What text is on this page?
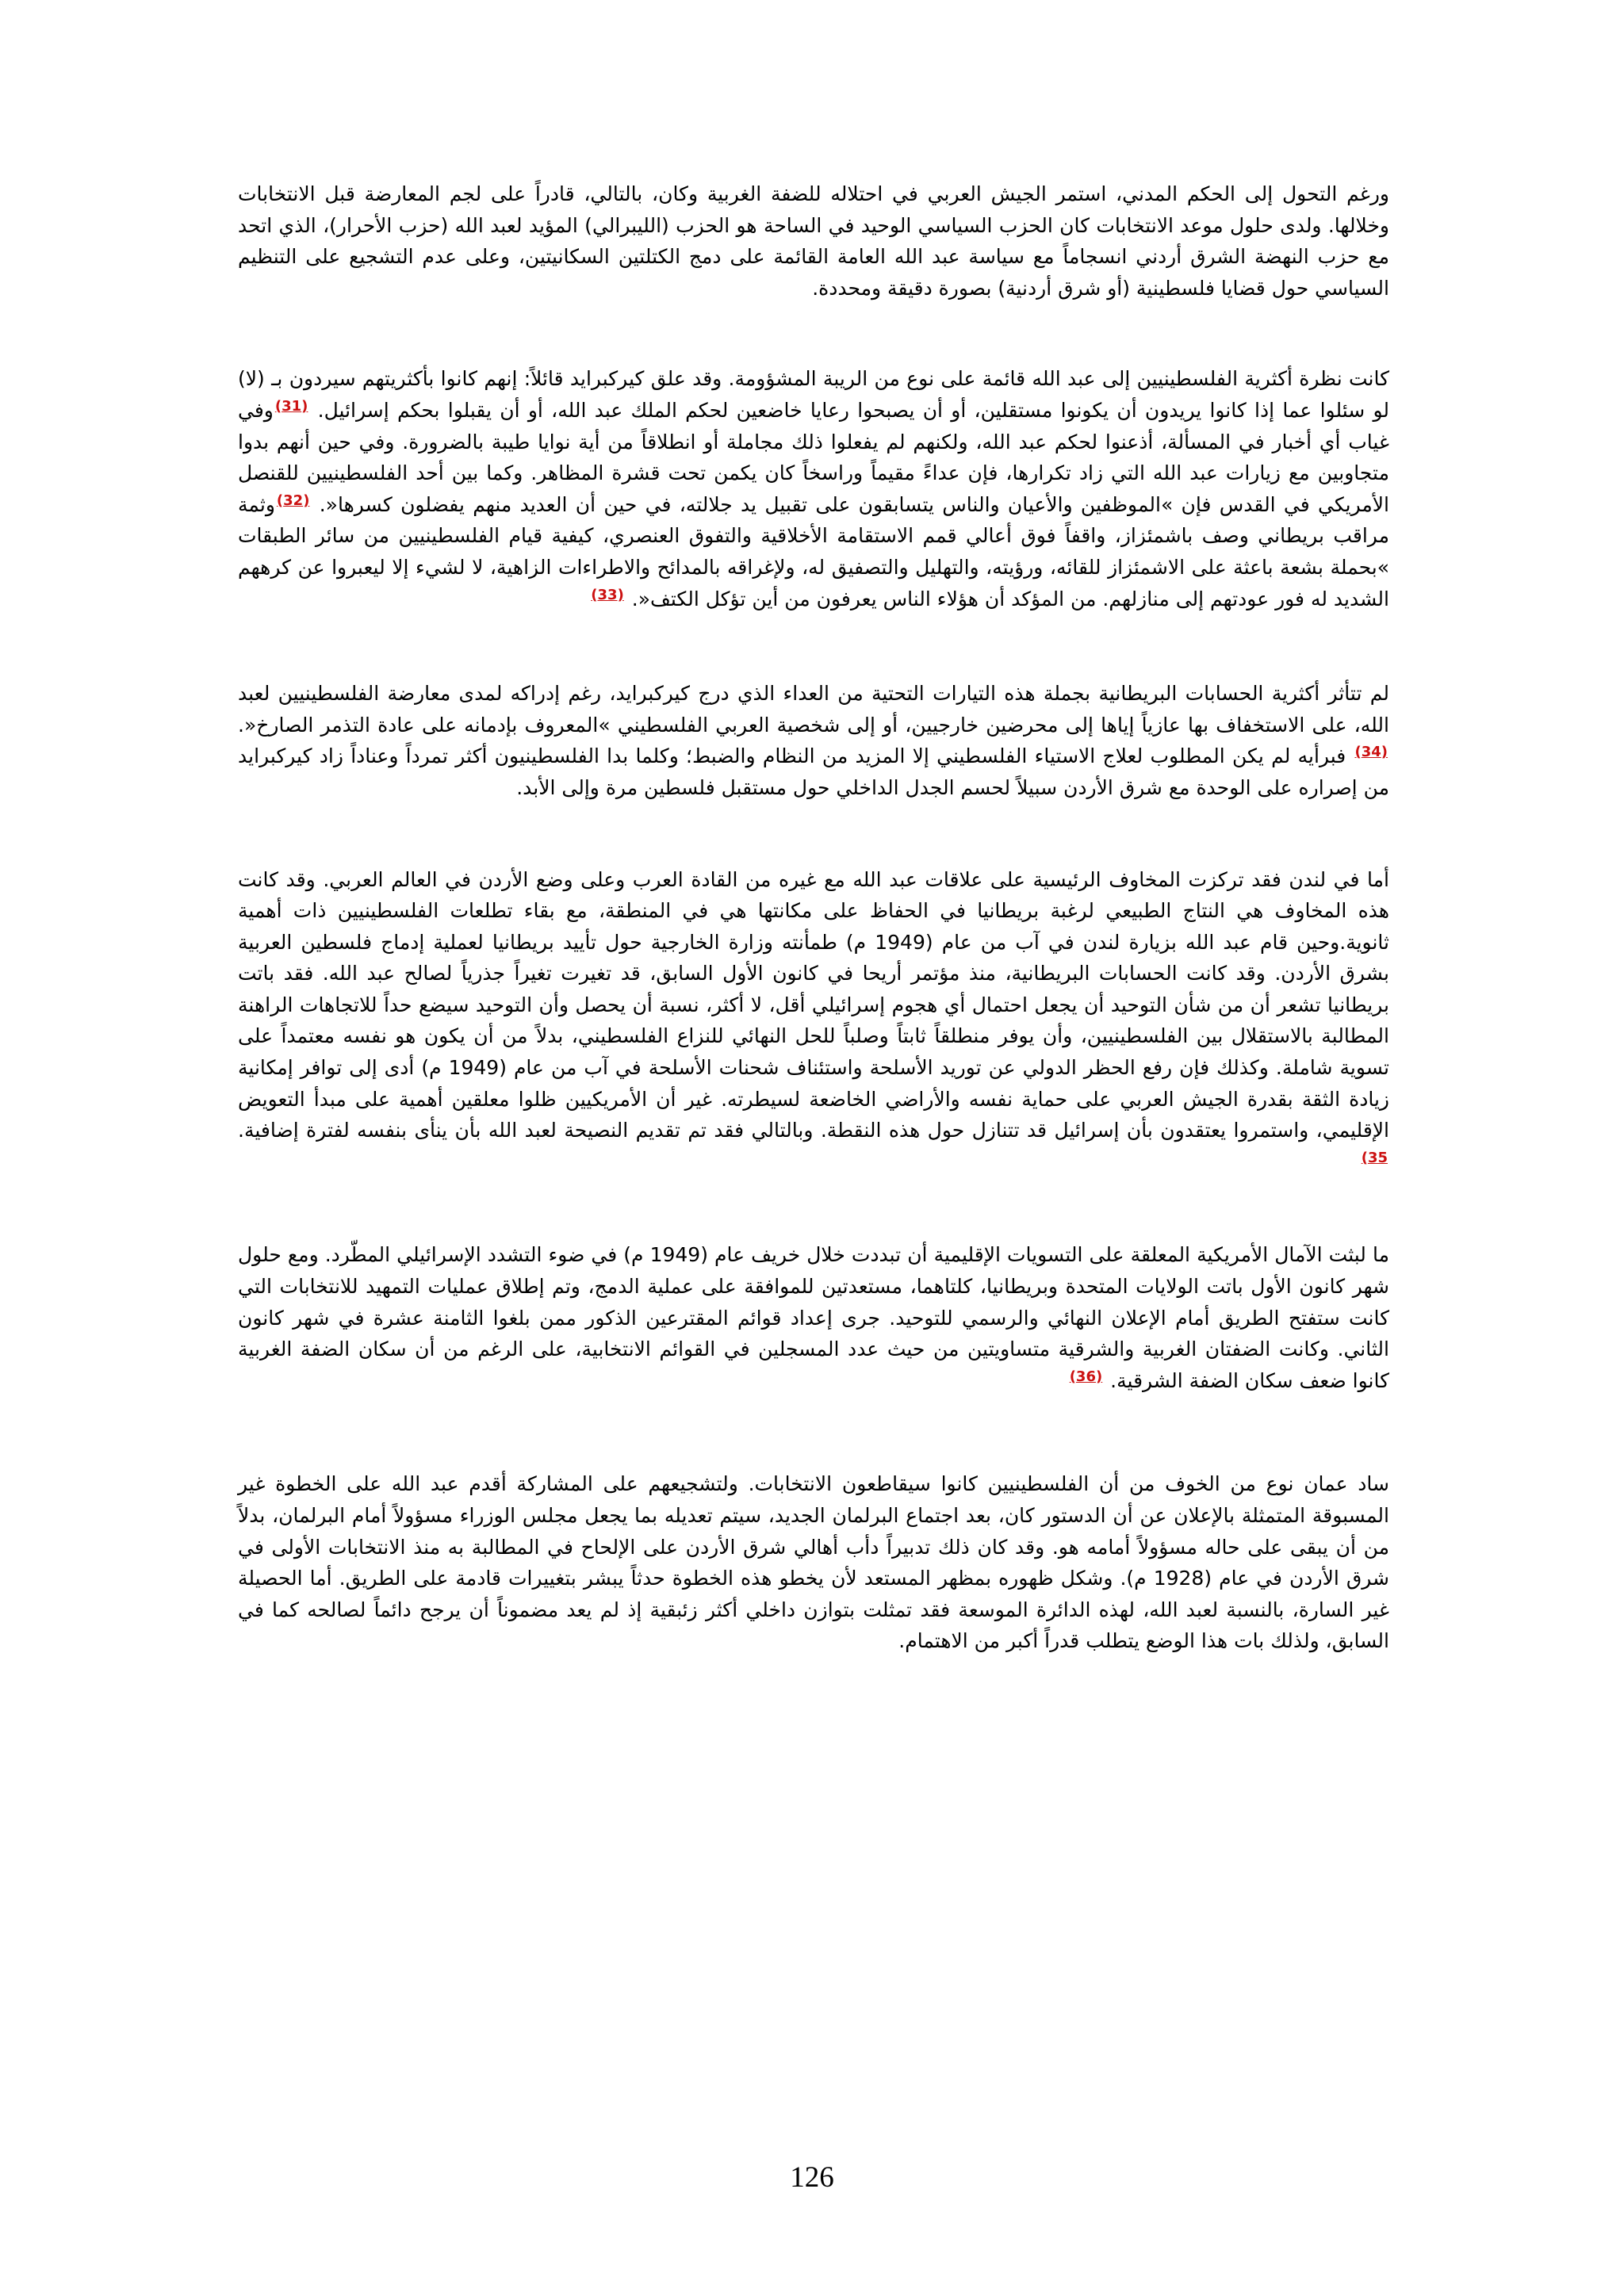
ورغم التحول إلى الحكم المدني، استمر الجيش العربي في احتلاله للضفة الغربية وكان، بالتالي، قادراً على لجم المعارضة قبل الانتخابات وخلالها. ولدى حلول موعد الانتخابات كان الحزب السياسي الوحيد في الساحة هو الحزب (الليبرالي) المؤيد لعبد الله (حزب الأحرار)، الذي اتحد مع حزب النهضة الشرق أردني انسجاماً مع سياسة عبد الله العامة القائمة على دمج الكتلتين السكانيتين، وعلى عدم التشجيع على التنظيم السياسي حول قضايا فلسطينية (أو شرق أردنية) بصورة دقيقة ومحددة.

كانت نظرة أكثرية الفلسطينيين إلى عبد الله قائمة على نوع من الريبة المشؤومة. وقد علق كيركبرايد قائلاً: إنهم كانوا بأكثريتهم سيردون بـ (لا) لو سئلوا عما إذا كانوا يريدون أن يكونوا مستقلين، أو أن يصبحوا رعايا خاضعين لحكم الملك عبد الله، أو أن يقبلوا بحكم إسرائيل. $^{(31)}$وفي غياب أي أخبار في المسألة، أذعنوا لحكم عبد الله، ولكنهم لم يفعلوا ذلك مجاملة أو انطلاقاً من أية نوايا طيبة بالضرورة. وفي حين أنهم بدوا متجاوبين مع زيارات عبد الله التي زاد تكرارها، فإن عداءً مقيماً وراسخاً كان يكمن تحت قشرة المظاهر. وكما بين أحد الفلسطينيين للقنصل الأمريكي في القدس فإن »الموظفين والأعيان والناس يتسابقون على تقبيل يد جلالته، في حين أن العديد منهم يفضلون كسرها«. $^{(32)}$وثمة مراقب بريطاني وصف باشمئزاز، واقفاً فوق أعالي قمم الاستقامة الأخلاقية والتفوق العنصري، كيفية قيام الفلسطينيين من سائر الطبقات »بحملة بشعة باعثة على الاشمئزاز للقائه، ورؤيته، والتهليل والتصفيق له، ولإغراقه بالمدائح والاطراءات الزاهية، لا لشيء إلا ليعبروا عن كرههم الشديد له فور عودتهم إلى منازلهم. من المؤكد أن هؤلاء الناس يعرفون من أين تؤكل الكتف«. $^{(33)}$

لم تتأثر أكثرية الحسابات البريطانية بجملة هذه التيارات التحتية من العداء الذي درج كيركبرايد، رغم إدراكه لمدى معارضة الفلسطينيين لعبد الله، على الاستخفاف بها عازياً إياها إلى محرضين خارجيين، أو إلى شخصية العربي الفلسطيني »المعروف بإدمانه على عادة التذمر الصارخ«. $^{(34)}$ فبرأيه لم يكن المطلوب لعلاج الاستياء الفلسطيني إلا المزيد من النظام والضبط؛ وكلما بدا الفلسطينيون أكثر تمرداً وعناداً زاد كيركبرايد من إصراره على الوحدة مع شرق الأردن سبيلاً لحسم الجدل الداخلي حول مستقبل فلسطين مرة وإلى الأبد.

أما في لندن فقد تركزت المخاوف الرئيسية على علاقات عبد الله مع غيره من القادة العرب وعلى وضع الأردن في العالم العربي. وقد كانت هذه المخاوف هي النتاج الطبيعي لرغبة بريطانيا في الحفاظ على مكانتها هي في المنطقة، مع بقاء تطلعات الفلسطينيين ذات أهمية ثانوية.وحين قام عبد الله بزيارة لندن في آب من عام (1949 م) طمأنته وزارة الخارجية حول تأييد بريطانيا لعملية إدماج فلسطين العربية بشرق الأردن. وقد كانت الحسابات البريطانية، منذ مؤتمر أريحا في كانون الأول السابق، قد تغيرت تغيراً جذرياً لصالح عبد الله. فقد باتت بريطانيا تشعر أن من شأن التوحيد أن يجعل احتمال أي هجوم إسرائيلي أقل، لا أكثر، نسبة أن يحصل وأن التوحيد سيضع حداً للاتجاهات الراهنة المطالبة بالاستقلال بين الفلسطينيين، وأن يوفر منطلقاً ثابتاً وصلباً للحل النهائي للنزاع الفلسطيني، بدلاً من أن يكون هو نفسه معتمداً على تسوية شاملة. وكذلك فإن رفع الحظر الدولي عن توريد الأسلحة واستئناف شحنات الأسلحة في آب من عام (1949 م) أدى إلى توافر إمكانية زيادة الثقة بقدرة الجيش العربي على حماية نفسه والأراضي الخاضعة لسيطرته. غير أن الأمريكيين ظلوا معلقين أهمية على مبدأ التعويض الإقليمي، واستمروا يعتقدون بأن إسرائيل قد تتنازل حول هذه النقطة. وبالتالي فقد تم تقديم النصيحة لعبد الله بأن ينأى بنفسه لفترة إضافية. $^{35)}$

ما لبثت الآمال الأمريكية المعلقة على التسويات الإقليمية أن تبددت خلال خريف عام (1949 م) في ضوء التشدد الإسرائيلي المطّرد. ومع حلول شهر كانون الأول باتت الولايات المتحدة وبريطانيا، كلتاهما، مستعدتين للموافقة على عملية الدمج، وتم إطلاق عمليات التمهيد للانتخابات التي كانت ستفتح الطريق أمام الإعلان النهائي والرسمي للتوحيد. جرى إعداد قوائم المقترعين الذكور ممن بلغوا الثامنة عشرة في شهر كانون الثاني. وكانت الضفتان الغربية والشرقية متساويتين من حيث عدد المسجلين في القوائم الانتخابية، على الرغم من أن سكان الضفة الغربية كانوا ضعف سكان الضفة الشرقية. $^{(36)}$

ساد عمان نوع من الخوف من أن الفلسطينيين كانوا سيقاطعون الانتخابات. ولتشجيعهم على المشاركة أقدم عبد الله على الخطوة غير المسبوقة المتمثلة بالإعلان عن أن الدستور كان، بعد اجتماع البرلمان الجديد، سيتم تعديله بما يجعل مجلس الوزراء مسؤولاً أمام البرلمان، بدلاً من أن يبقى على حاله مسؤولاً أمامه هو. وقد كان ذلك تدبيراً دأب أهالي شرق الأردن على الإلحاح في المطالبة به منذ الانتخابات الأولى في شرق الأردن في عام (1928 م). وشكل ظهوره بمظهر المستعد لأن يخطو هذه الخطوة حدثاً يبشر بتغييرات قادمة على الطريق. أما الحصيلة غير السارة، بالنسبة لعبد الله، لهذه الدائرة الموسعة فقد تمثلت بتوازن داخلي أكثر زئبقية إذ لم يعد مضموناً أن يرجح دائماً لصالحه كما في السابق، ولذلك بات هذا الوضع يتطلب قدراً أكبر من الاهتمام.

126
